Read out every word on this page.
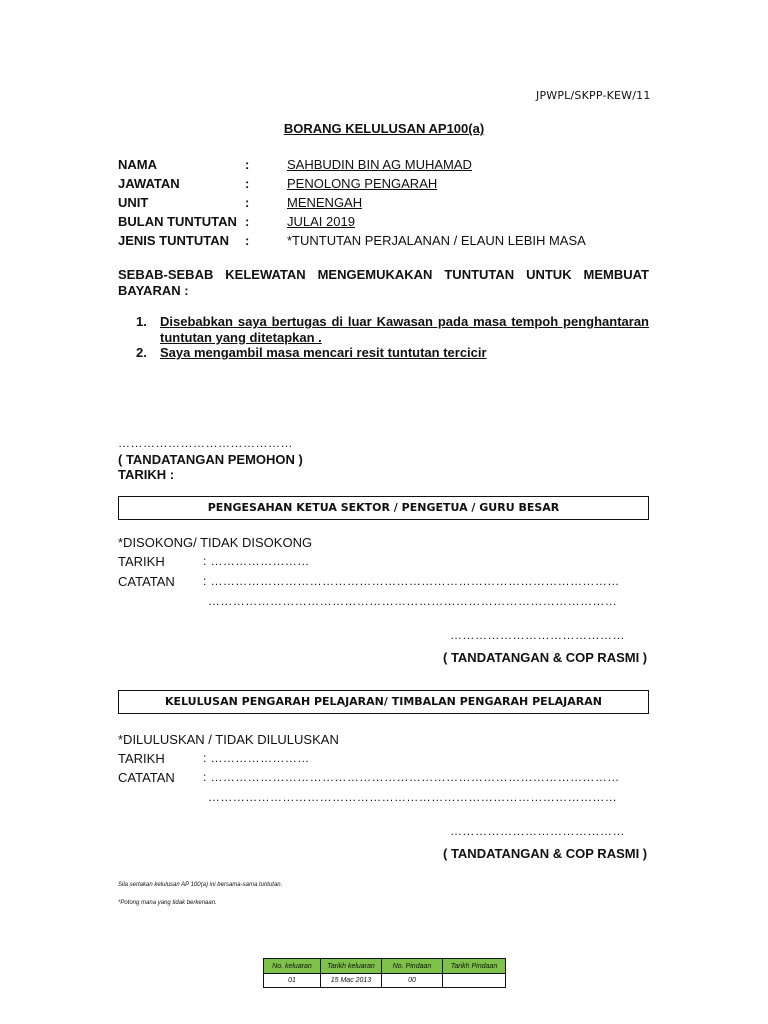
JPWPL/SKPP-KEW/11
BORANG KELULUSAN AP100(a)
NAMA	:	SAHBUDIN BIN AG MUHAMAD
JAWATAN	:	PENOLONG PENGARAH
UNIT	:	MENENGAH
BULAN TUNTUTAN :	JULAI 2019
JENIS TUNTUTAN :	*TUNTUTAN PERJALANAN / ELAUN LEBIH MASA
SEBAB-SEBAB KELEWATAN MENGEMUKAKAN TUNTUTAN UNTUK MEMBUAT BAYARAN :
1. Disebabkan saya bertugas di luar Kawasan pada masa tempoh penghantaran tuntutan yang ditetapkan .
2. Saya mengambil masa mencari resit tuntutan tercicir
……………………………………
( TANDATANGAN PEMOHON )
TARIKH :
PENGESAHAN KETUA SEKTOR / PENGETUA / GURU BESAR
*DISOKONG/ TIDAK DISOKONG
TARIKH	: ……………………
CATATAN : ………………………………………………………………………………………
………………………………………………………………………………………
……………………………………
( TANDATANGAN & COP RASMI )
KELULUSAN PENGARAH PELAJARAN/ TIMBALAN PENGARAH PELAJARAN
*DILULUSKAN / TIDAK DILULUSKAN
TARIKH	: ……………………
CATATAN : ………………………………………………………………………………………
………………………………………………………………………………………
……………………………………
( TANDATANGAN & COP RASMI )
Sila sertakan kelulusan AP 100(a) ini bersama-sama tuntutan.
*Potong mana yang tidak berkenaan.
No. keluaran	Tarikh keluaran	No. Pindaan	Tarikh Pindaan
01	15 Mac 2013	00	
